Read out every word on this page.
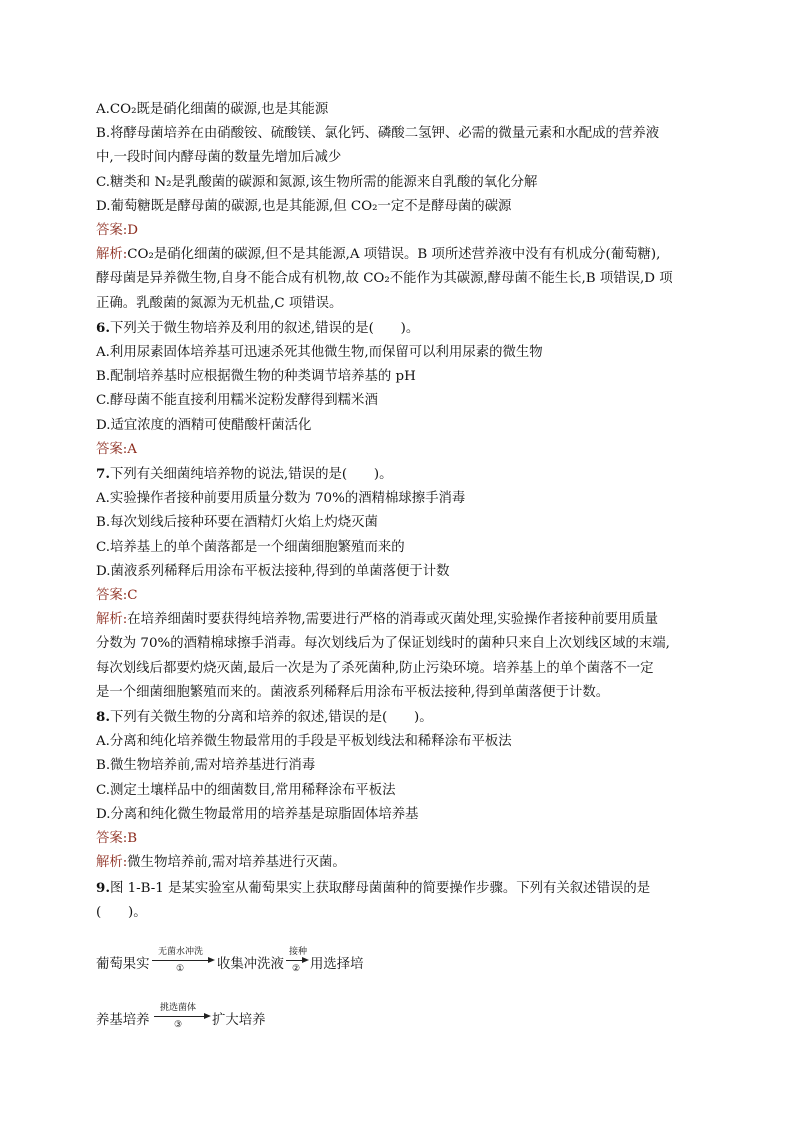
A.CO₂既是硝化细菌的碳源,也是其能源
B.将酵母菌培养在由硝酸铵、硫酸镁、氯化钙、磷酸二氢钾、必需的微量元素和水配成的营养液
中,一段时间内酵母菌的数量先增加后减少
C.糖类和 N₂是乳酸菌的碳源和氮源,该生物所需的能源来自乳酸的氧化分解
D.葡萄糖既是酵母菌的碳源,也是其能源,但 CO₂一定不是酵母菌的碳源
答案:D
解析:CO₂是硝化细菌的碳源,但不是其能源,A 项错误。B 项所述营养液中没有有机成分(葡萄糖),
酵母菌是异养微生物,自身不能合成有机物,故 CO₂不能作为其碳源,酵母菌不能生长,B 项错误,D 项
正确。乳酸菌的氮源为无机盐,C 项错误。
6.下列关于微生物培养及利用的叙述,错误的是(　　)。
A.利用尿素固体培养基可迅速杀死其他微生物,而保留可以利用尿素的微生物
B.配制培养基时应根据微生物的种类调节培养基的 pH
C.酵母菌不能直接利用糯米淀粉发酵得到糯米酒
D.适宜浓度的酒精可使醋酸杆菌活化
答案:A
7.下列有关细菌纯培养物的说法,错误的是(　　)。
A.实验操作者接种前要用质量分数为 70%的酒精棉球擦手消毒
B.每次划线后接种环要在酒精灯火焰上灼烧灭菌
C.培养基上的单个菌落都是一个细菌细胞繁殖而来的
D.菌液系列稀释后用涂布平板法接种,得到的单菌落便于计数
答案:C
解析:在培养细菌时要获得纯培养物,需要进行严格的消毒或灭菌处理,实验操作者接种前要用质量
分数为 70%的酒精棉球擦手消毒。每次划线后为了保证划线时的菌种只来自上次划线区域的末端,
每次划线后都要灼烧灭菌,最后一次是为了杀死菌种,防止污染环境。培养基上的单个菌落不一定
是一个细菌细胞繁殖而来的。菌液系列稀释后用涂布平板法接种,得到单菌落便于计数。
8.下列有关微生物的分离和培养的叙述,错误的是(　　)。
A.分离和纯化培养微生物最常用的手段是平板划线法和稀释涂布平板法
B.微生物培养前,需对培养基进行消毒
C.测定土壤样品中的细菌数目,常用稀释涂布平板法
D.分离和纯化微生物最常用的培养基是琼脂固体培养基
答案:B
解析:微生物培养前,需对培养基进行灭菌。
9.图 1-B-1 是某实验室从葡萄果实上获取酵母菌菌种的简要操作步骤。下列有关叙述错误的是
(　　)。
葡萄果实
无菌水冲洗
① 收集冲洗液
接种
② 用选择培
养基培养
挑选菌体
③ 扩大培养
